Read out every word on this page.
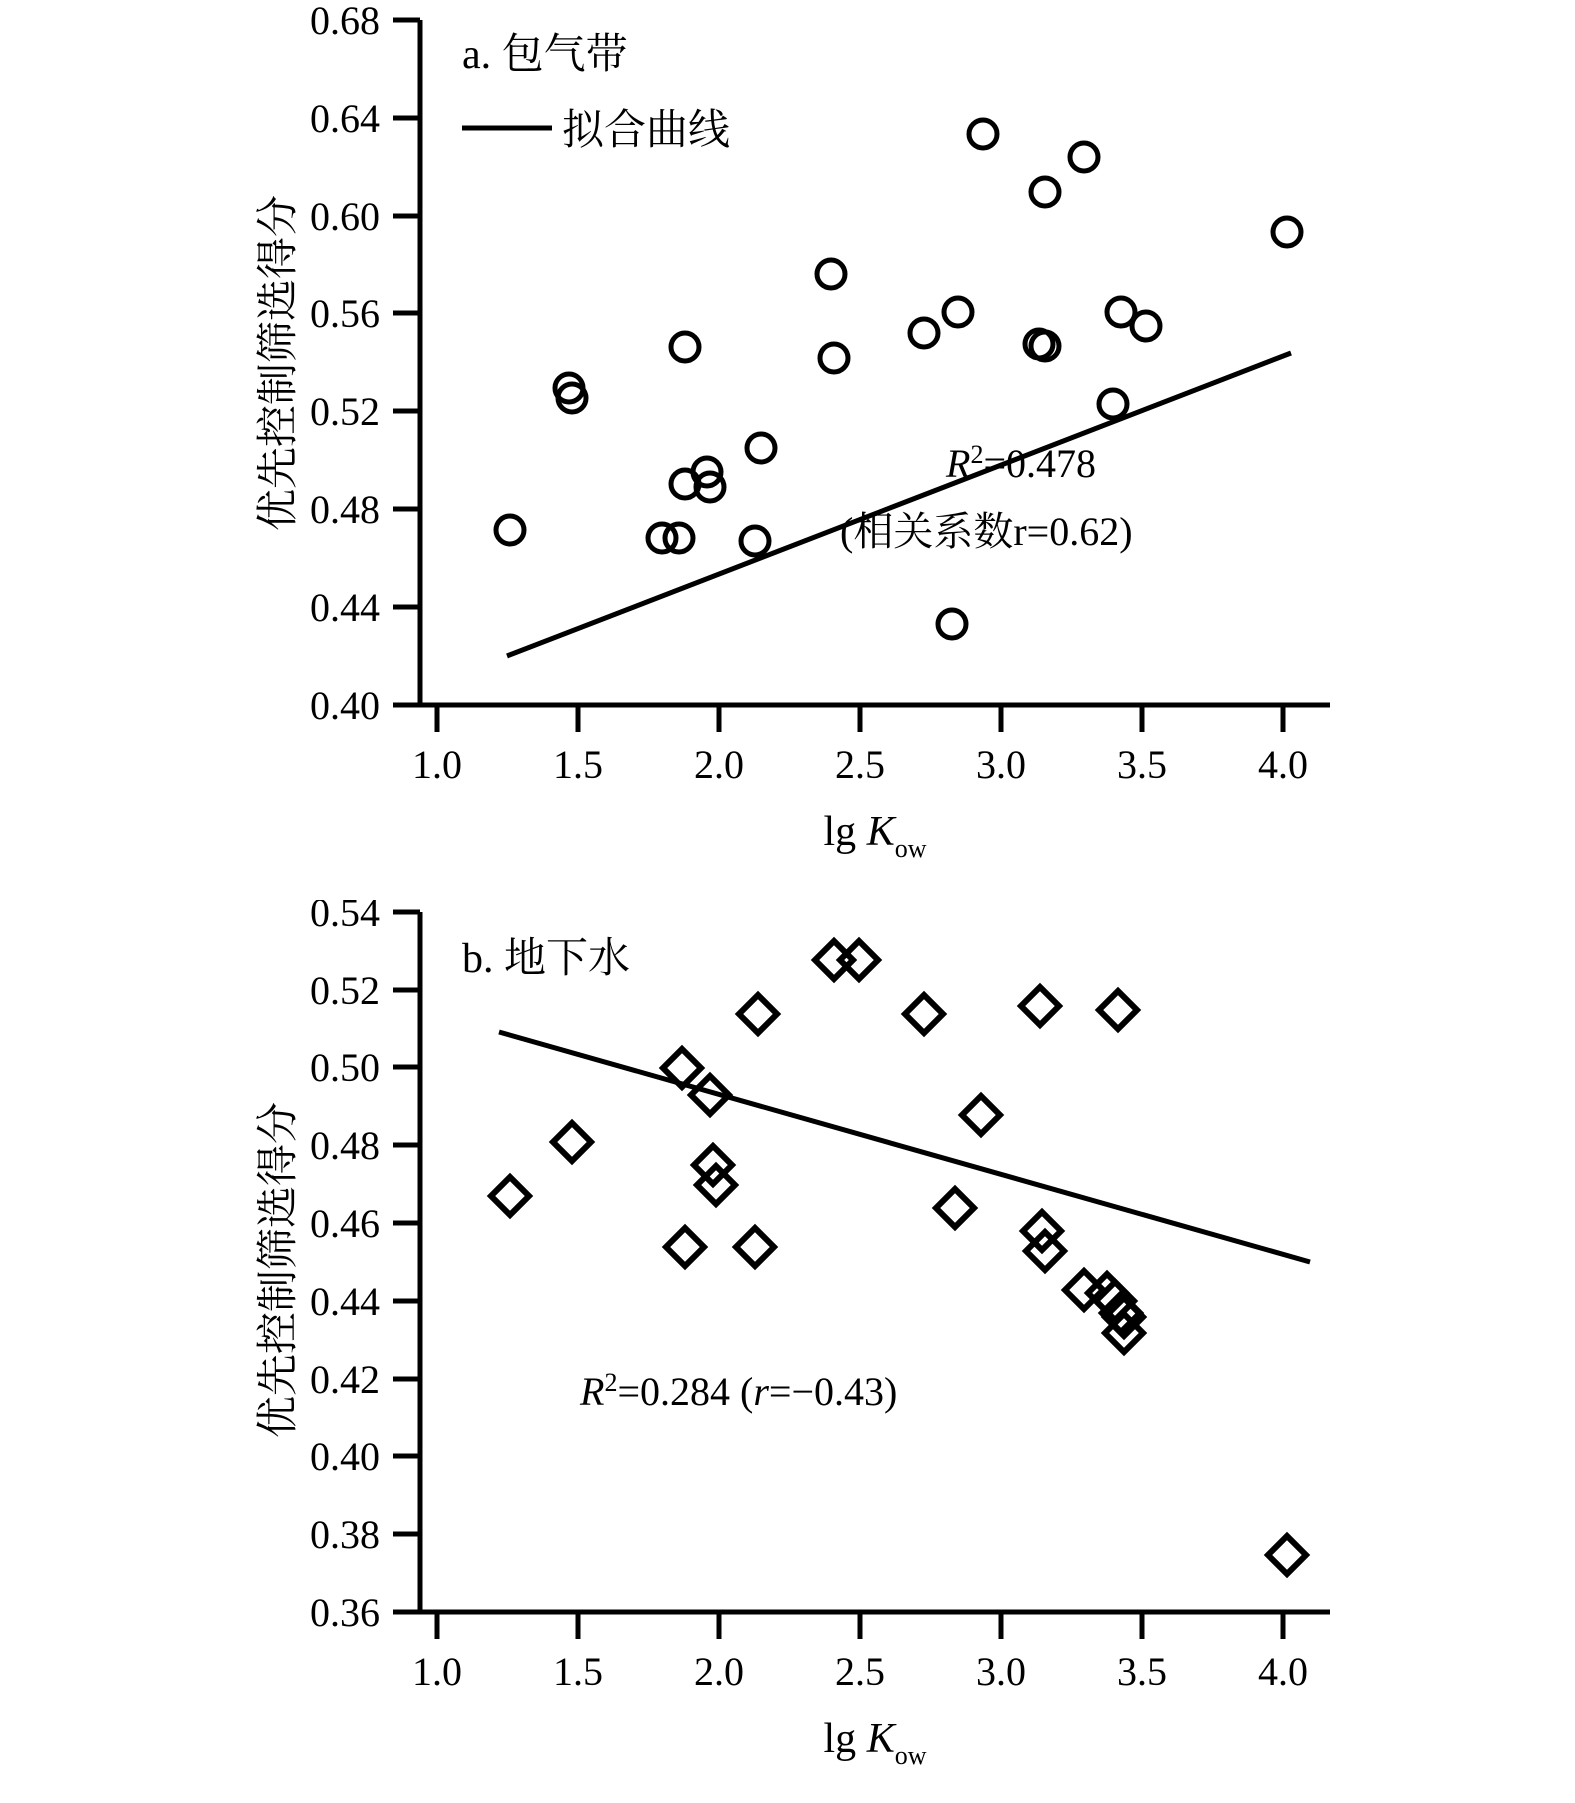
0.40
0.44
0.48
0.52
0.56
0.60
0.64
0.68
1.0 1.5 2.0 2.5 3.0 3.5 4.0
a. 包气带
拟合曲线
$R^2=0.478$
(相关系数r=0.62)
$\lg K_{ow}$
优先控制筛选得分
0.36
0.38
0.40
0.42
0.44
0.46
0.48
0.50
0.52
0.54
1.0 1.5 2.0 2.5 3.0 3.5 4.0
b. 地下水
$R^2=0.284$ (r=−0.43)
$\lg K_{ow}$
优先控制筛选得分
